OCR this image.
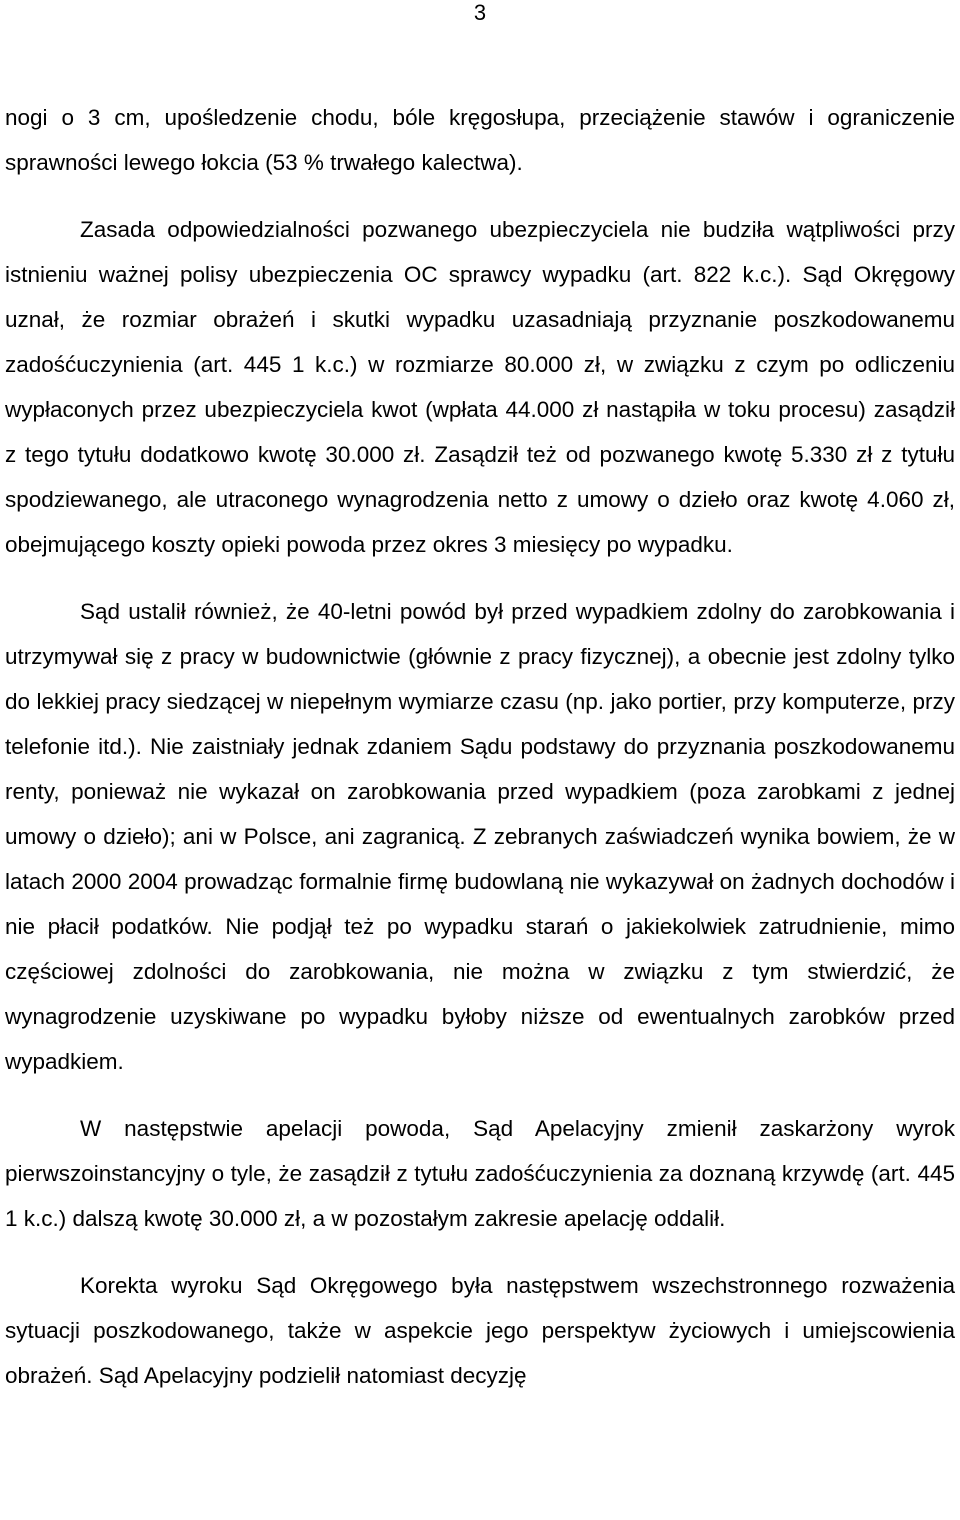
3

nogi o 3 cm, upośledzenie chodu, bóle kręgosłupa, przeciążenie stawów i ograniczenie sprawności lewego łokcia (53 % trwałego kalectwa).

Zasada odpowiedzialności pozwanego ubezpieczyciela nie budziła wątpliwości przy istnieniu ważnej polisy ubezpieczenia OC sprawcy wypadku (art. 822 k.c.). Sąd Okręgowy uznał, że rozmiar obrażeń i skutki wypadku uzasadniają przyznanie poszkodowanemu zadośćuczynienia (art. 445 1 k.c.) w rozmiarze 80.000 zł, w związku z czym po odliczeniu wypłaconych przez ubezpieczyciela kwot (wpłata 44.000 zł nastąpiła w toku procesu) zasądził z tego tytułu dodatkowo kwotę 30.000 zł. Zasądził też od pozwanego kwotę 5.330 zł z tytułu spodziewanego, ale utraconego wynagrodzenia netto z umowy o dzieło oraz kwotę 4.060 zł, obejmującego koszty opieki powoda przez okres 3 miesięcy po wypadku.

Sąd ustalił również, że 40-letni powód był przed wypadkiem zdolny do zarobkowania i utrzymywał się z pracy w budownictwie (głównie z pracy fizycznej), a obecnie jest zdolny tylko do lekkiej pracy siedzącej w niepełnym wymiarze czasu (np. jako portier, przy komputerze, przy telefonie itd.). Nie zaistniały jednak zdaniem Sądu podstawy do przyznania poszkodowanemu renty, ponieważ nie wykazał on zarobkowania przed wypadkiem (poza zarobkami z jednej umowy o dzieło); ani w Polsce, ani zagranicą. Z zebranych zaświadczeń wynika bowiem, że w latach 2000 2004 prowadząc formalnie firmę budowlaną nie wykazywał on żadnych dochodów i nie płacił podatków. Nie podjął też po wypadku starań o jakiekolwiek zatrudnienie, mimo częściowej zdolności do zarobkowania, nie można w związku z tym stwierdzić, że wynagrodzenie uzyskiwane po wypadku byłoby niższe od ewentualnych zarobków przed wypadkiem.

W następstwie apelacji powoda, Sąd Apelacyjny zmienił zaskarżony wyrok pierwszoinstancyjny o tyle, że zasądził z tytułu zadośćuczynienia za doznaną krzywdę (art. 445 1 k.c.) dalszą kwotę 30.000 zł, a w pozostałym zakresie apelację oddalił.

Korekta wyroku Sąd Okręgowego była następstwem wszechstronnego rozważenia sytuacji poszkodowanego, także w aspekcie jego perspektyw życiowych i umiejscowienia obrażeń. Sąd Apelacyjny podzielił natomiast decyzję
